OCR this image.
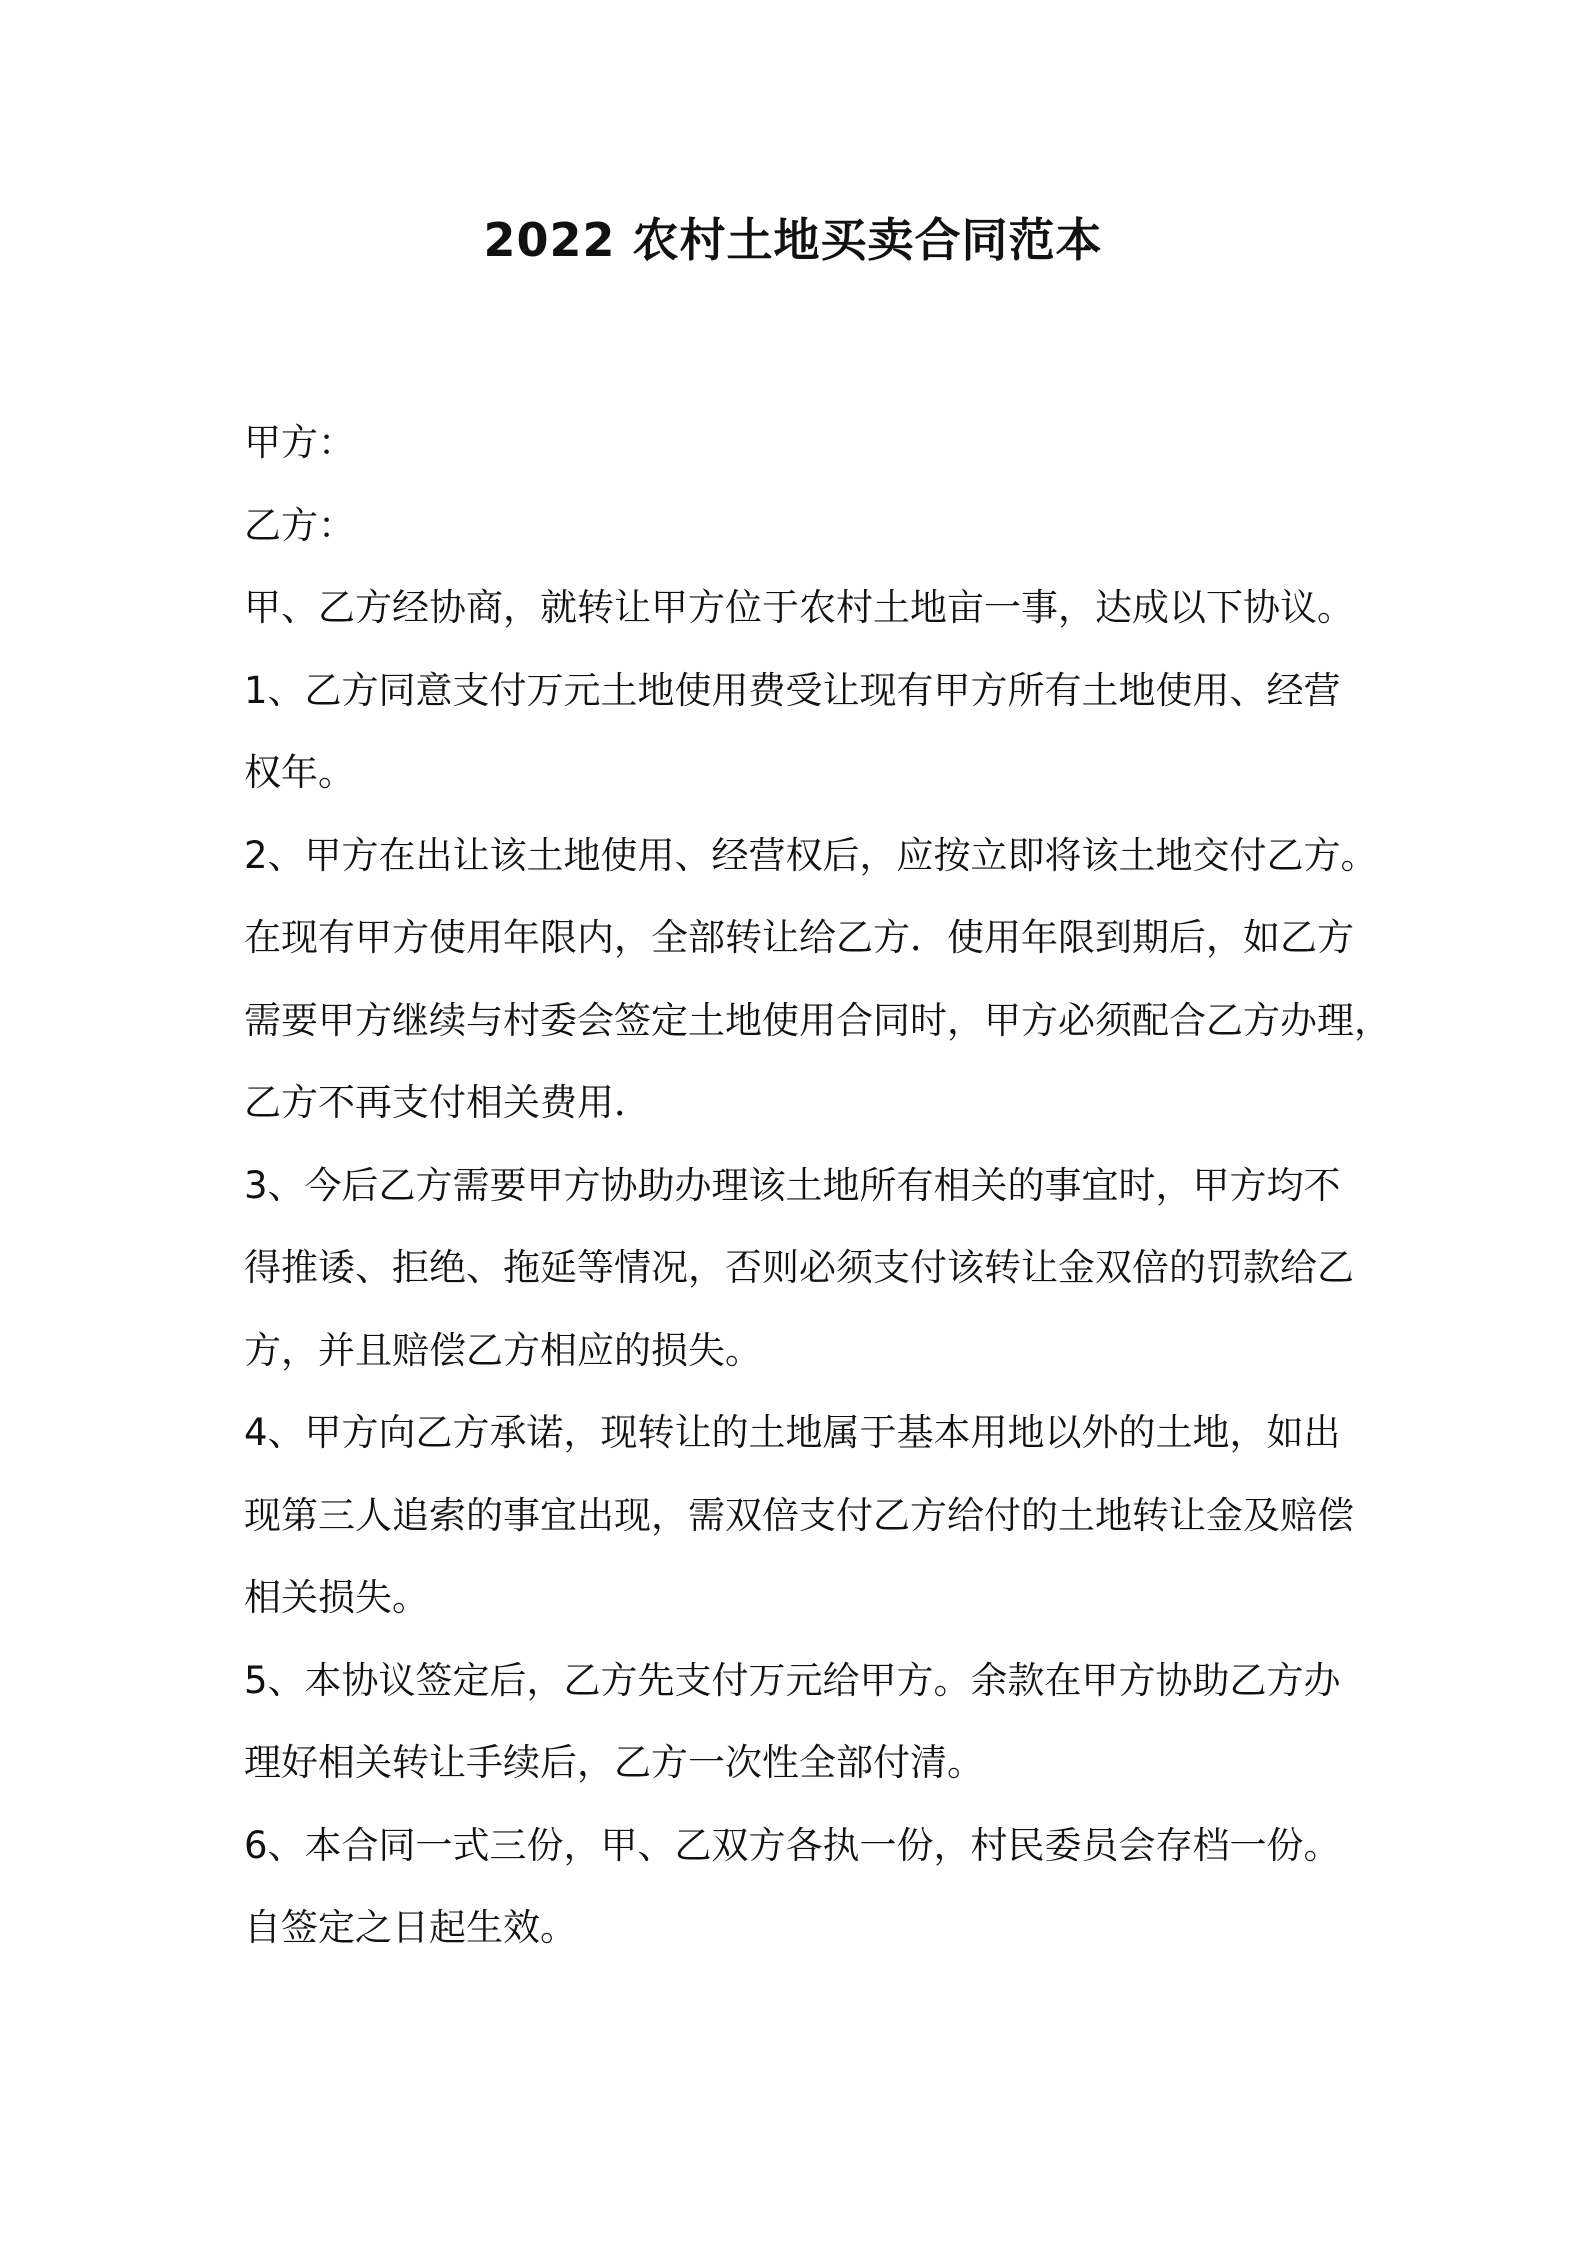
2022 农村土地买卖合同范本
甲方：
乙方：
甲、乙方经协商，就转让甲方位于农村土地亩一事，达成以下协议。
1、乙方同意支付万元土地使用费受让现有甲方所有土地使用、经营
权年。
2、甲方在出让该土地使用、经营权后，应按立即将该土地交付乙方。
在现有甲方使用年限内，全部转让给乙方．使用年限到期后，如乙方
需要甲方继续与村委会签定土地使用合同时，甲方必须配合乙方办理，
乙方不再支付相关费用．
3、今后乙方需要甲方协助办理该土地所有相关的事宜时，甲方均不
得推诿、拒绝、拖延等情况，否则必须支付该转让金双倍的罚款给乙
方，并且赔偿乙方相应的损失。
4、甲方向乙方承诺，现转让的土地属于基本用地以外的土地，如出
现第三人追索的事宜出现，需双倍支付乙方给付的土地转让金及赔偿
相关损失。
5、本协议签定后，乙方先支付万元给甲方。余款在甲方协助乙方办
理好相关转让手续后，乙方一次性全部付清。
6、本合同一式三份，甲、乙双方各执一份，村民委员会存档一份。
自签定之日起生效。
